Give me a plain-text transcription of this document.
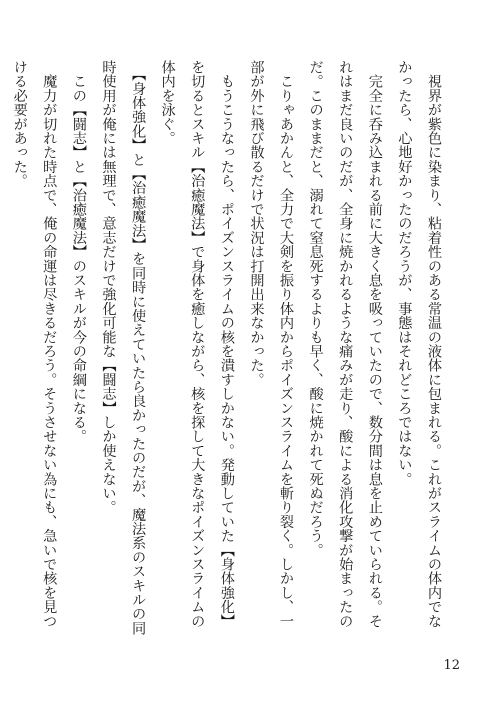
　視界が紫色に染まり、粘着性のある常温の液体に包まれる。これがスライムの体内でなかったら、心地好かったのだろうが、事態はそれどころではない。

　完全に呑み込まれる前に大きく息を吸っていたので、数分間は息を止めていられる。それはまだ良いのだが、全身に焼かれるような痛みが走り、酸による消化攻撃が始まったのだ。このままだと、溺れて窒息死するよりも早く、酸に焼かれて死ぬだろう。

　こりゃあかんと、全力で大剣を振り体内からポイズンスライムを斬り裂く。しかし、一部が外に飛び散るだけで状況は打開出来なかった。

　もうこうなったら、ポイズンスライムの核を潰すしかない。発動していた【身体強化】を切るとスキル【治癒魔法】で身体を癒しながら、核を探して大きなポイズンスライムの体内を泳ぐ。

　【身体強化】と【治癒魔法】を同時に使えていたら良かったのだが、魔法系のスキルの同時使用が俺には無理で、意志だけで強化可能な【闘志】しか使えない。

　この【闘志】と【治癒魔法】のスキルが今の命綱になる。

　魔力が切れた時点で、俺の命運は尽きるだろう。そうさせない為にも、急いで核を見つける必要があった。

12
